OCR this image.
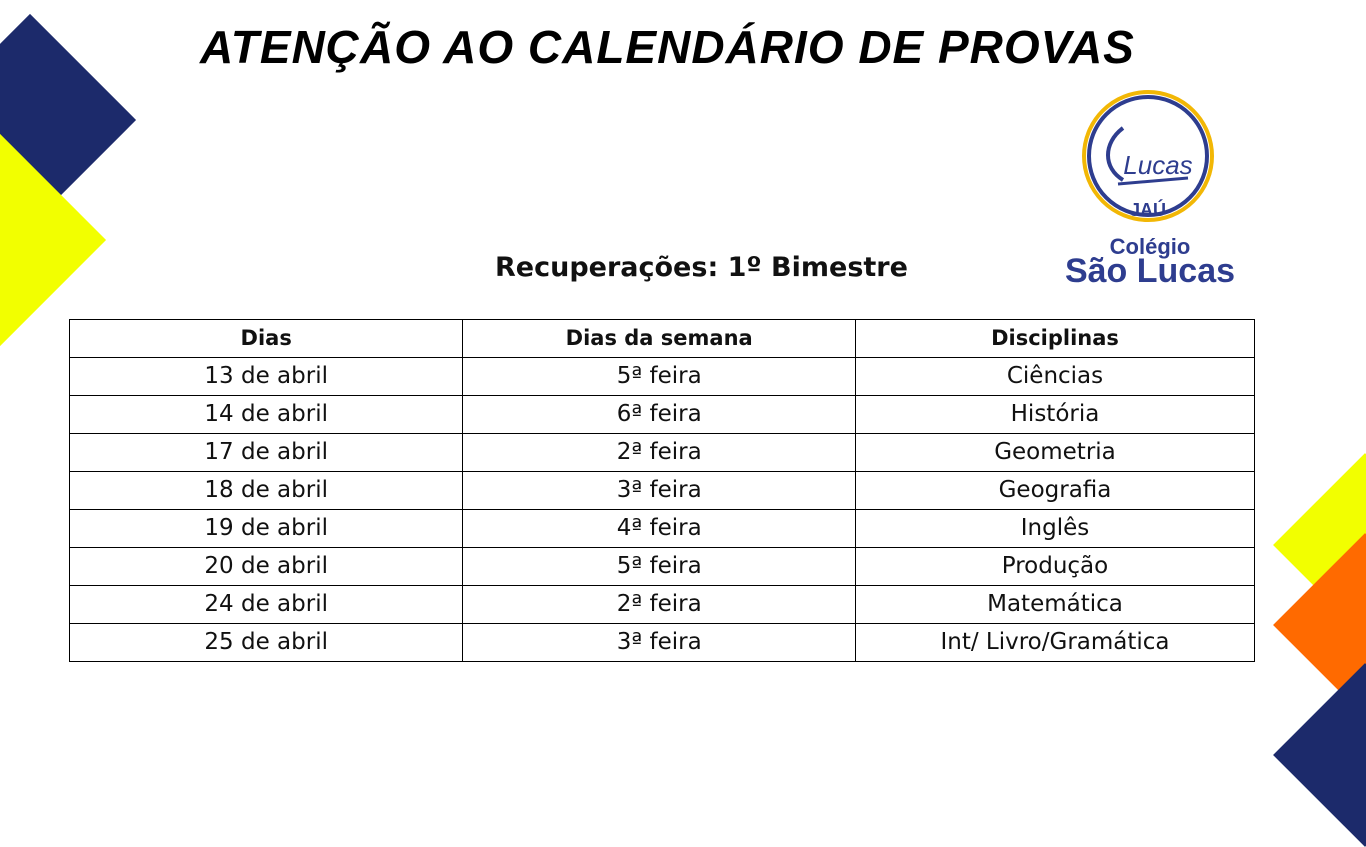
ATENÇÃO AO CALENDÁRIO DE PROVAS
Lucas
JAÚ
Colégio
São Lucas
Recuperações: 1º Bimestre
Dias	Dias da semana	Disciplinas
13 de abril	5ª feira	Ciências
14 de abril	6ª feira	História
17 de abril	2ª feira	Geometria
18 de abril	3ª feira	Geografia
19 de abril	4ª feira	Inglês
20 de abril	5ª feira	Produção
24 de abril	2ª feira	Matemática
25 de abril	3ª feira	Int/ Livro/Gramática
